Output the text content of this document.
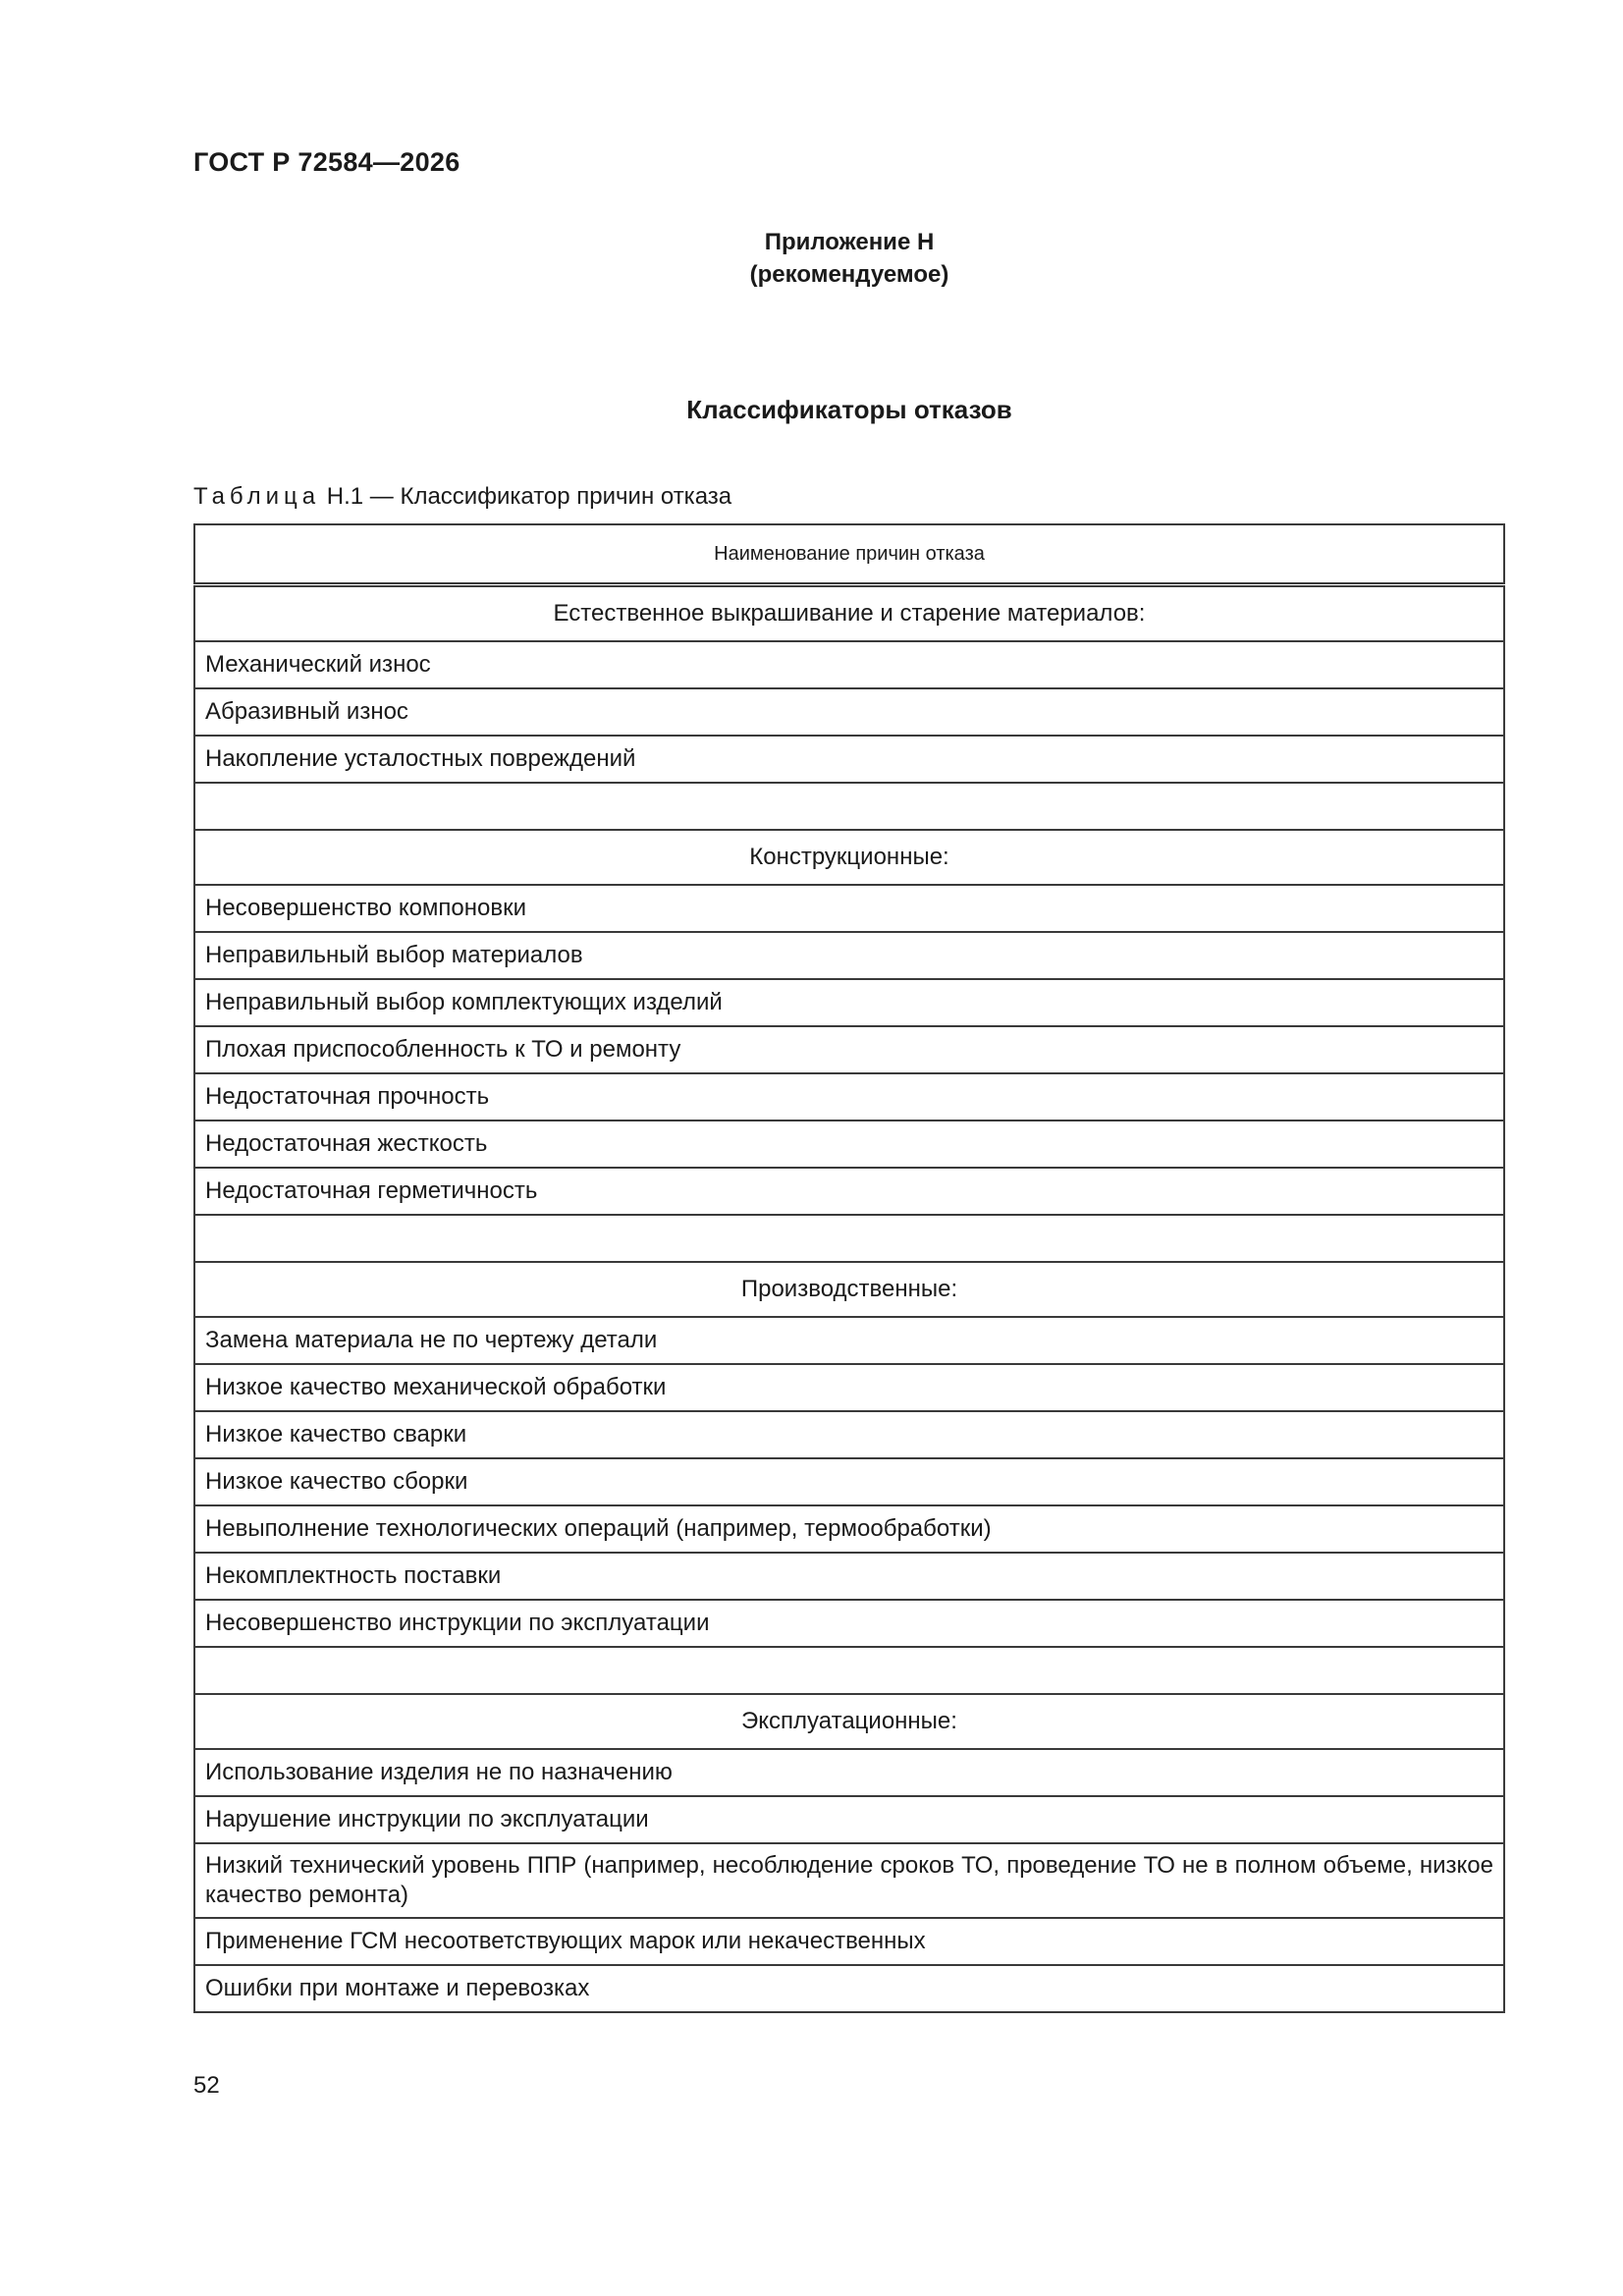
ГОСТ Р 72584—2026
Приложение Н
(рекомендуемое)
Классификаторы отказов
Таблица Н.1 — Классификатор причин отказа
Наименование причин отказа
Естественное выкрашивание и старение материалов:
Механический износ
Абразивный износ
Накопление усталостных повреждений

Конструкционные:
Несовершенство компоновки
Неправильный выбор материалов
Неправильный выбор комплектующих изделий
Плохая приспособленность к ТО и ремонту
Недостаточная прочность
Недостаточная жесткость
Недостаточная герметичность

Производственные:
Замена материала не по чертежу детали
Низкое качество механической обработки
Низкое качество сварки
Низкое качество сборки
Невыполнение технологических операций (например, термообработки)
Некомплектность поставки
Несовершенство инструкции по эксплуатации

Эксплуатационные:
Использование изделия не по назначению
Нарушение инструкции по эксплуатации
Низкий технический уровень ППР (например, несоблюдение сроков ТО, проведение ТО не в полном объеме, низкое качество ремонта)
Применение ГСМ несоответствующих марок или некачественных
Ошибки при монтаже и перевозках
52
